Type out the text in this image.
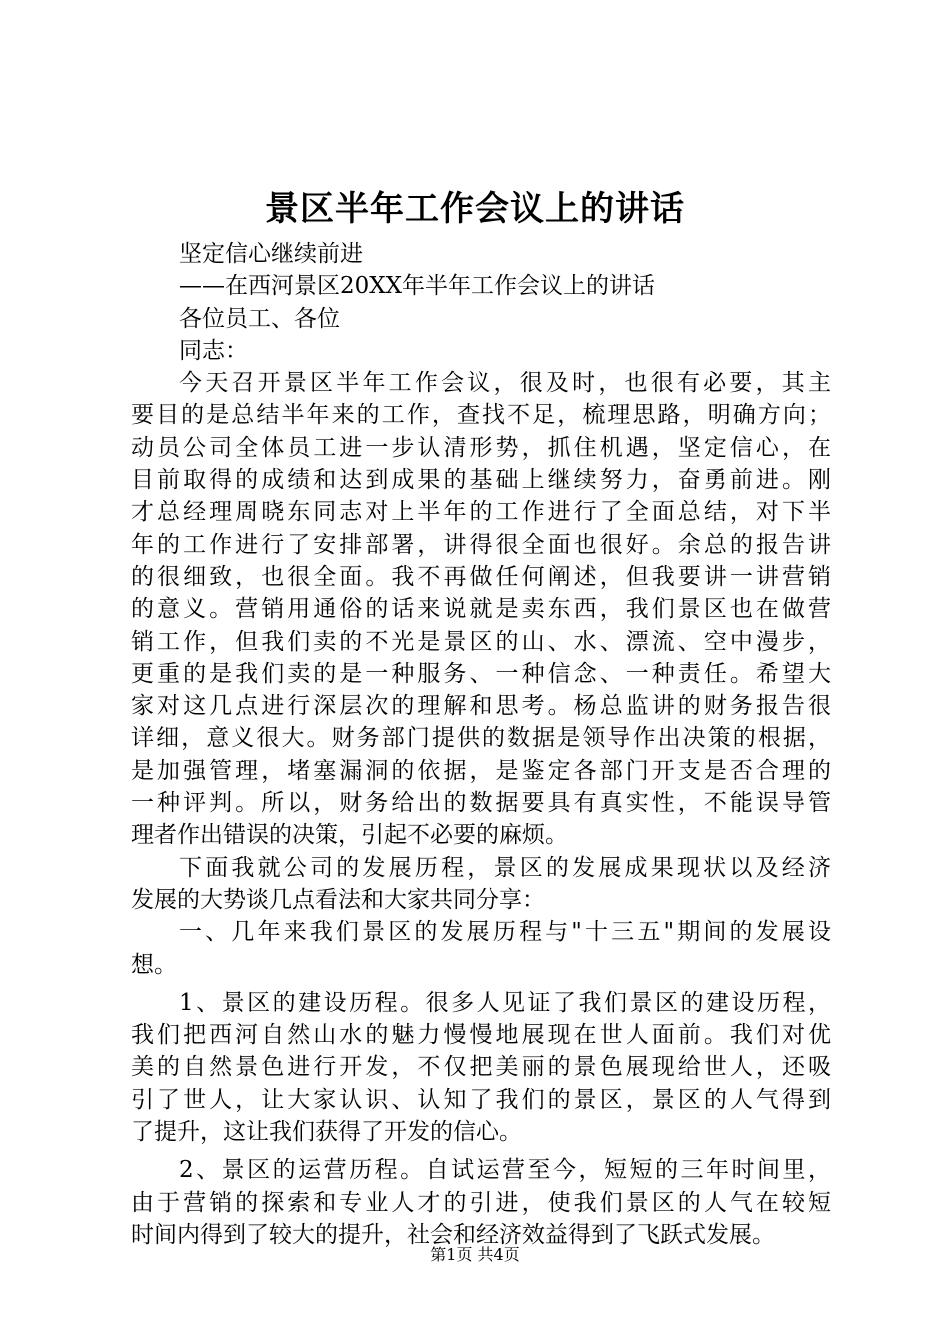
景区半年工作会议上的讲话
坚定信心继续前进
——在西河景区20XX年半年工作会议上的讲话
各位员工、各位
同志：
今天召开景区半年工作会议，很及时，也很有必要，其主
要目的是总结半年来的工作，查找不足，梳理思路，明确方向；
动员公司全体员工进一步认清形势，抓住机遇，坚定信心，在
目前取得的成绩和达到成果的基础上继续努力，奋勇前进。刚
才总经理周晓东同志对上半年的工作进行了全面总结，对下半
年的工作进行了安排部署，讲得很全面也很好。余总的报告讲
的很细致，也很全面。我不再做任何阐述，但我要讲一讲营销
的意义。营销用通俗的话来说就是卖东西，我们景区也在做营
销工作，但我们卖的不光是景区的山、水、漂流、空中漫步，
更重的是我们卖的是一种服务、一种信念、一种责任。希望大
家对这几点进行深层次的理解和思考。杨总监讲的财务报告很
详细，意义很大。财务部门提供的数据是领导作出决策的根据，
是加强管理，堵塞漏洞的依据，是鉴定各部门开支是否合理的
一种评判。所以，财务给出的数据要具有真实性，不能误导管
理者作出错误的决策，引起不必要的麻烦。
下面我就公司的发展历程，景区的发展成果现状以及经济
发展的大势谈几点看法和大家共同分享：
一、几年来我们景区的发展历程与"十三五"期间的发展设
想。
1、景区的建设历程。很多人见证了我们景区的建设历程，
我们把西河自然山水的魅力慢慢地展现在世人面前。我们对优
美的自然景色进行开发，不仅把美丽的景色展现给世人，还吸
引了世人，让大家认识、认知了我们的景区，景区的人气得到
了提升，这让我们获得了开发的信心。
2、景区的运营历程。自试运营至今，短短的三年时间里，
由于营销的探索和专业人才的引进，使我们景区的人气在较短
时间内得到了较大的提升，社会和经济效益得到了飞跃式发展。
第1页 共4页
